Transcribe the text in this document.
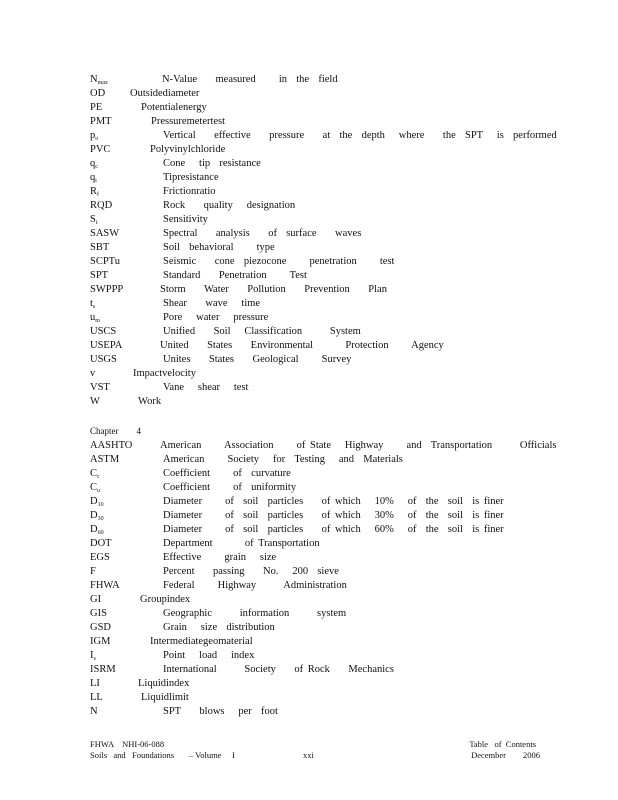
$N_{max}$	N-Value    measured     in  the  field
OD Outsidediameter
PE	Potentialenergy
PMT	Pressuremetertest
$p_o$	Vertical    effective    pressure    at  the  depth   where    the  SPT   is  performed
PVC	Polyvinylchloride
$q_c$	Cone   tip  resistance
$q_t$	Tipresistance
$R_f$	Frictionratio
RQD	Rock    quality   designation
$S_t$	Sensitivity
SASW	Spectral    analysis    of  surface    waves
SBT	Soil  behavioral     type
SCPTu	Seismic    cone  piezocone     penetration     test
SPT	Standard    Penetration     Test
SWPPP	Storm    Water    Pollution    Prevention    Plan
$t_s$	Shear    wave   time
$u_m$	Pore   water   pressure
USCS	Unified    Soil   Classification      System
USEPA	United    States    Environmental       Protection     Agency
USGS	Unites    States    Geological     Survey
v	Impactvelocity
VST	Vane   shear   test
W	Work
Chapter 4
AASHTO	American     Association     of State   Highway     and  Transportation      Officials
ASTM	American     Society   for  Testing   and  Materials
$C_c$	Coefficient     of  curvature
$C_u$	Coefficient     of  uniformity
$D_{10}$	Diameter     of  soil  particles    of which   10%   of  the  soil  is finer
$D_{30}$	Diameter     of  soil  particles    of which   30%   of  the  soil  is finer
$D_{60}$	Diameter     of  soil  particles    of which   60%   of  the  soil  is finer
DOT	Department       of Transportation
EGS	Effective     grain   size
F	Percent    passing    No.   200  sieve
FHWA	Federal     Highway      Administration
GI	Groupindex
GIS	Geographic      information      system
GSD	Grain   size  distribution
IGM	Intermediategeomaterial
$I_s$	Point   load   index
ISRM	International      Society    of Rock    Mechanics
LI	Liquidindex
LL	Liquidlimit
N	SPT    blows   per  foot
FHWA    NHI-06-088
Soils   and   Foundations       – Volume     I	xxi
Table   of  Contents
December        2006
